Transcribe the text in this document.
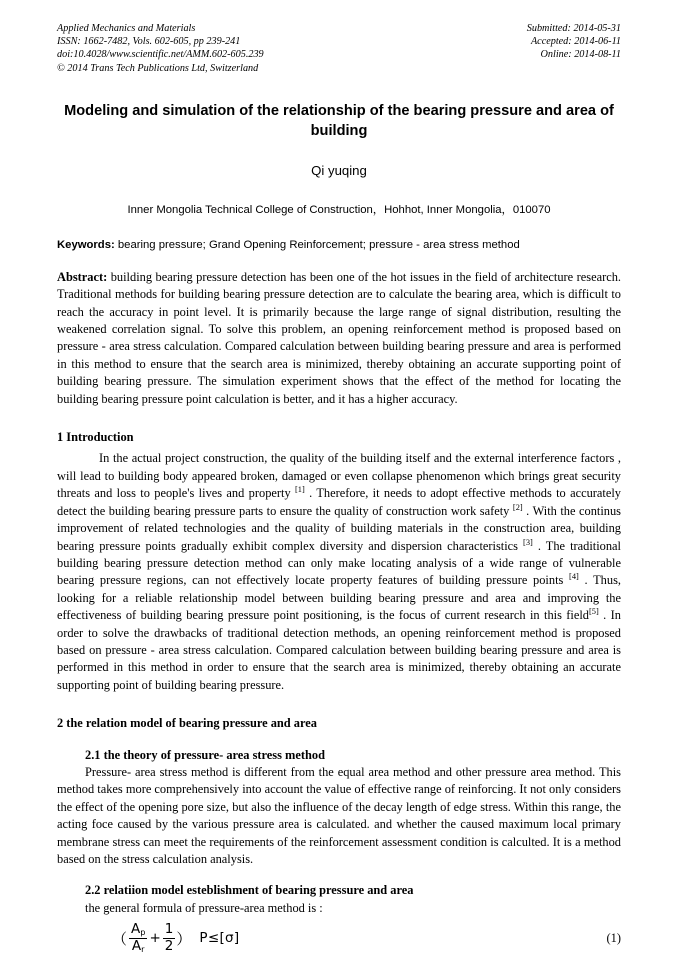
Applied Mechanics and Materials
ISSN: 1662-7482, Vols. 602-605, pp 239-241
doi:10.4028/www.scientific.net/AMM.602-605.239
© 2014 Trans Tech Publications Ltd, Switzerland
Submitted: 2014-05-31
Accepted: 2014-06-11
Online: 2014-08-11
Modeling and simulation of the relationship of the bearing pressure and area of building
Qi yuqing
Inner Mongolia Technical College of Construction，Hohhot, Inner Mongolia，010070
Keywords: bearing pressure; Grand Opening Reinforcement; pressure - area stress method
Abstract: building bearing pressure detection has been one of the hot issues in the field of architecture research. Traditional methods for building bearing pressure detection are to calculate the bearing area, which is difficult to reach the accuracy in point level. It is primarily because the large range of signal distribution, resulting the weakened correlation signal. To solve this problem, an opening reinforcement method is proposed based on pressure - area stress calculation. Compared calculation between building bearing pressure and area is performed in this method to ensure that the search area is minimized, thereby obtaining an accurate supporting point of building bearing pressure. The simulation experiment shows that the effect of the method for locating the building bearing pressure point calculation is better, and it has a higher accuracy.
1 Introduction

In the actual project construction, the quality of the building itself and the external interference factors , will lead to building body appeared broken, damaged or even collapse phenomenon which brings great security threats and loss to people's lives and property [1] . Therefore, it needs to adopt effective methods to accurately detect the building bearing pressure parts to ensure the quality of construction work safety [2] . With the continus improvement of related technologies and the quality of building materials in the construction area, building bearing pressure points gradually exhibit complex diversity and dispersion characteristics [3] . The traditional building bearing pressure detection method can only make locating analysis of a wide range of vulnerable bearing pressure regions, can not effectively locate property features of building pressure points [4] . Thus, looking for a reliable relationship model between building bearing pressure and area and improving the effectiveness of building bearing pressure point positioning, is the focus of current research in this field[5] . In order to solve the drawbacks of traditional detection methods, an opening reinforcement method is proposed based on pressure - area stress calculation. Compared calculation between building bearing pressure and area is performed in this method in order to ensure that the search area is minimized, thereby obtaining an accurate supporting point of building bearing pressure.

2 the relation model of bearing pressure and area
2.1 the theory of pressure- area stress method

Pressure- area stress method is different from the equal area method and other pressure area method. This method takes more comprehensively into account the value of effective range of reinforcing. It not only considers the effect of the opening pore size, but also the influence of the decay length of edge stress. Within this range, the acting foce caused by the various pressure area is calculated. and whether the caused maximum local primary membrane stress can meet the requirements of the reinforcement assessment condition is calculted. It is a method based on the stress calculation analysis.

2.2 relatiion model esteblishment of bearing pressure and area

the general formula of pressure-area method is :

（ $\frac{A_p}{A_r} + \frac{1}{2}$ ） P≤[σ]	(1)
